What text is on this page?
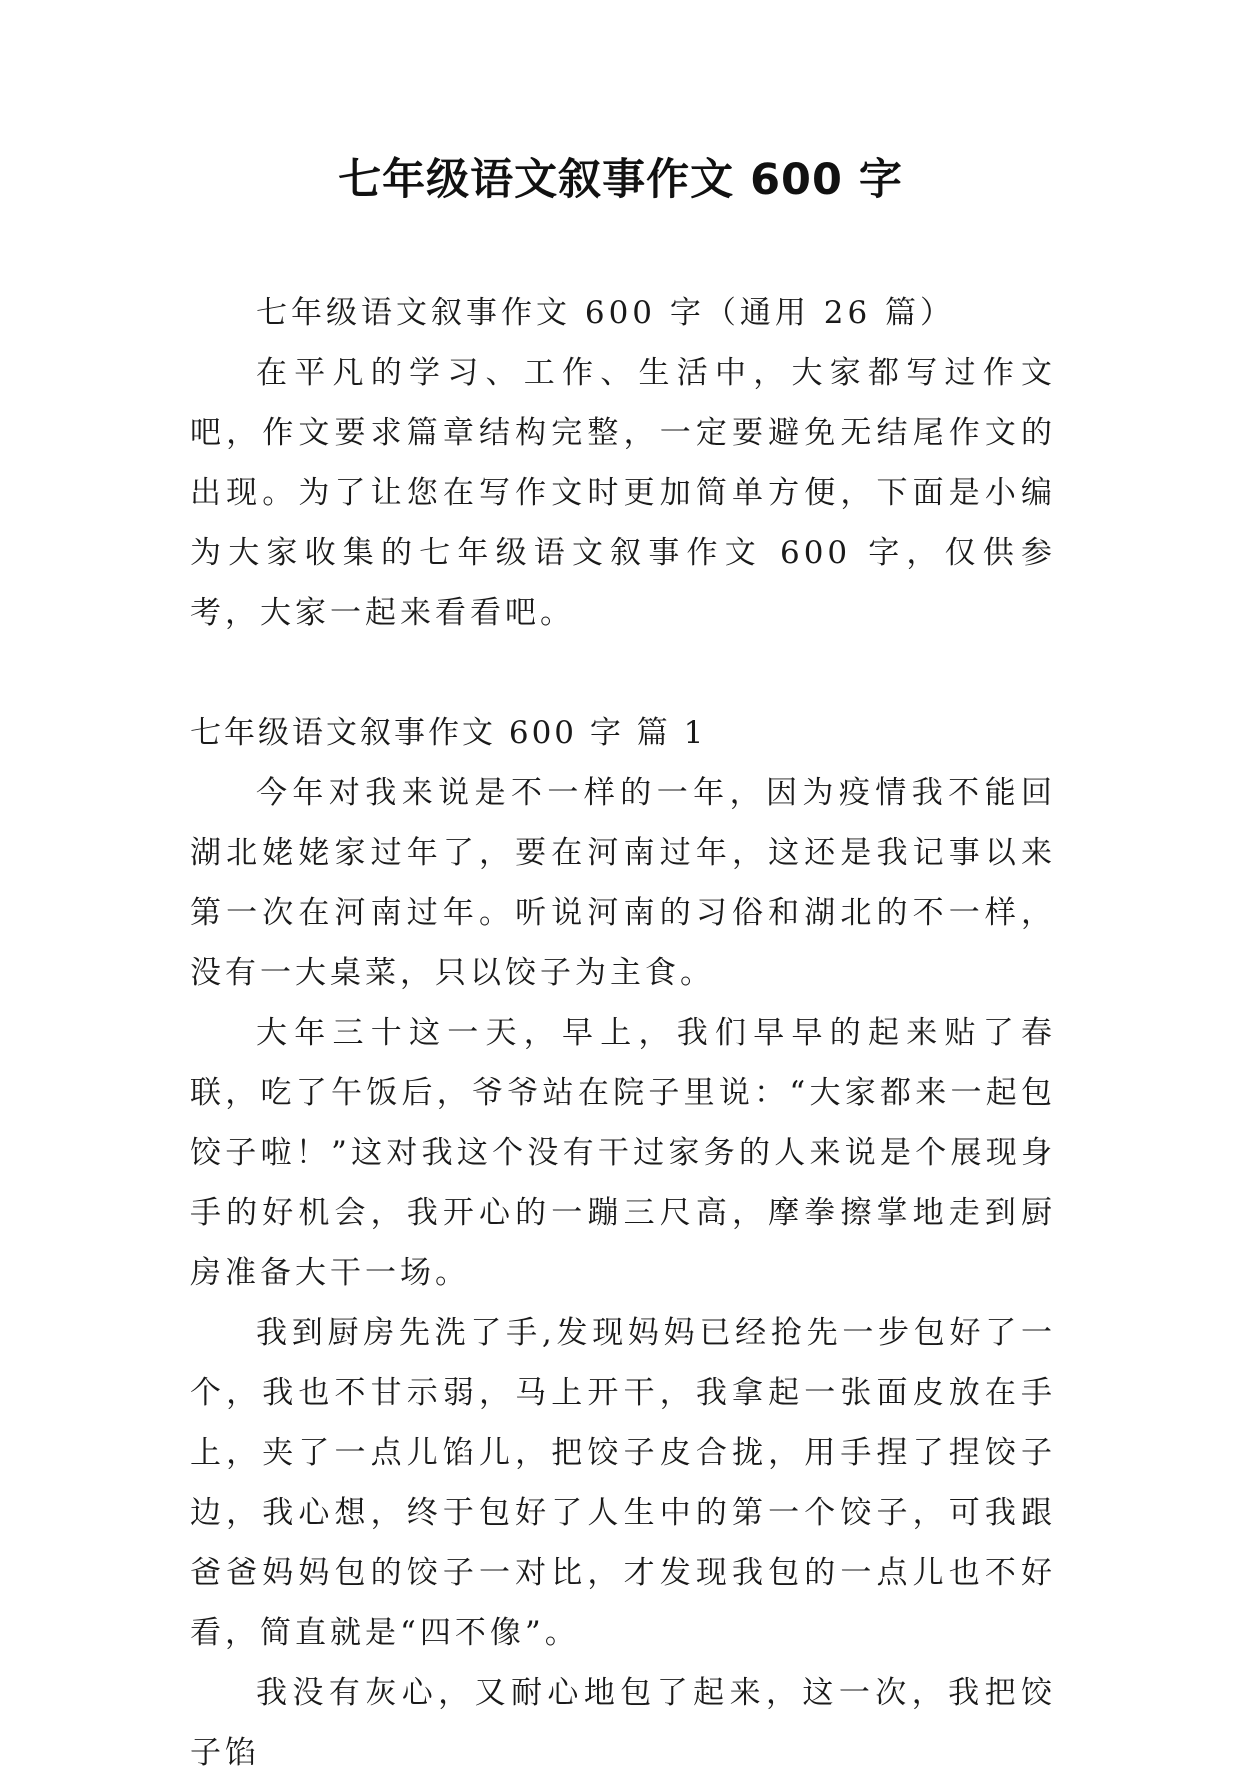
七年级语文叙事作文 600 字

七年级语文叙事作文 600 字（通用 26 篇）

在平凡的学习、工作、生活中，大家都写过作文吧，作文要求篇章结构完整，一定要避免无结尾作文的出现。为了让您在写作文时更加简单方便，下面是小编为大家收集的七年级语文叙事作文 600 字，仅供参考，大家一起来看看吧。

七年级语文叙事作文 600 字 篇 1

今年对我来说是不一样的一年，因为疫情我不能回湖北姥姥家过年了，要在河南过年，这还是我记事以来第一次在河南过年。听说河南的习俗和湖北的不一样，没有一大桌菜，只以饺子为主食。

大年三十这一天，早上，我们早早的起来贴了春联，吃了午饭后，爷爷站在院子里说：“大家都来一起包饺子啦！”这对我这个没有干过家务的人来说是个展现身手的好机会，我开心的一蹦三尺高，摩拳擦掌地走到厨房准备大干一场。

我到厨房先洗了手,发现妈妈已经抢先一步包好了一个，我也不甘示弱，马上开干，我拿起一张面皮放在手上，夹了一点儿馅儿，把饺子皮合拢，用手捏了捏饺子边，我心想，终于包好了人生中的第一个饺子，可我跟爸爸妈妈包的饺子一对比，才发现我包的一点儿也不好看，简直就是“四不像”。

我没有灰心，又耐心地包了起来，这一次，我把饺子馅
